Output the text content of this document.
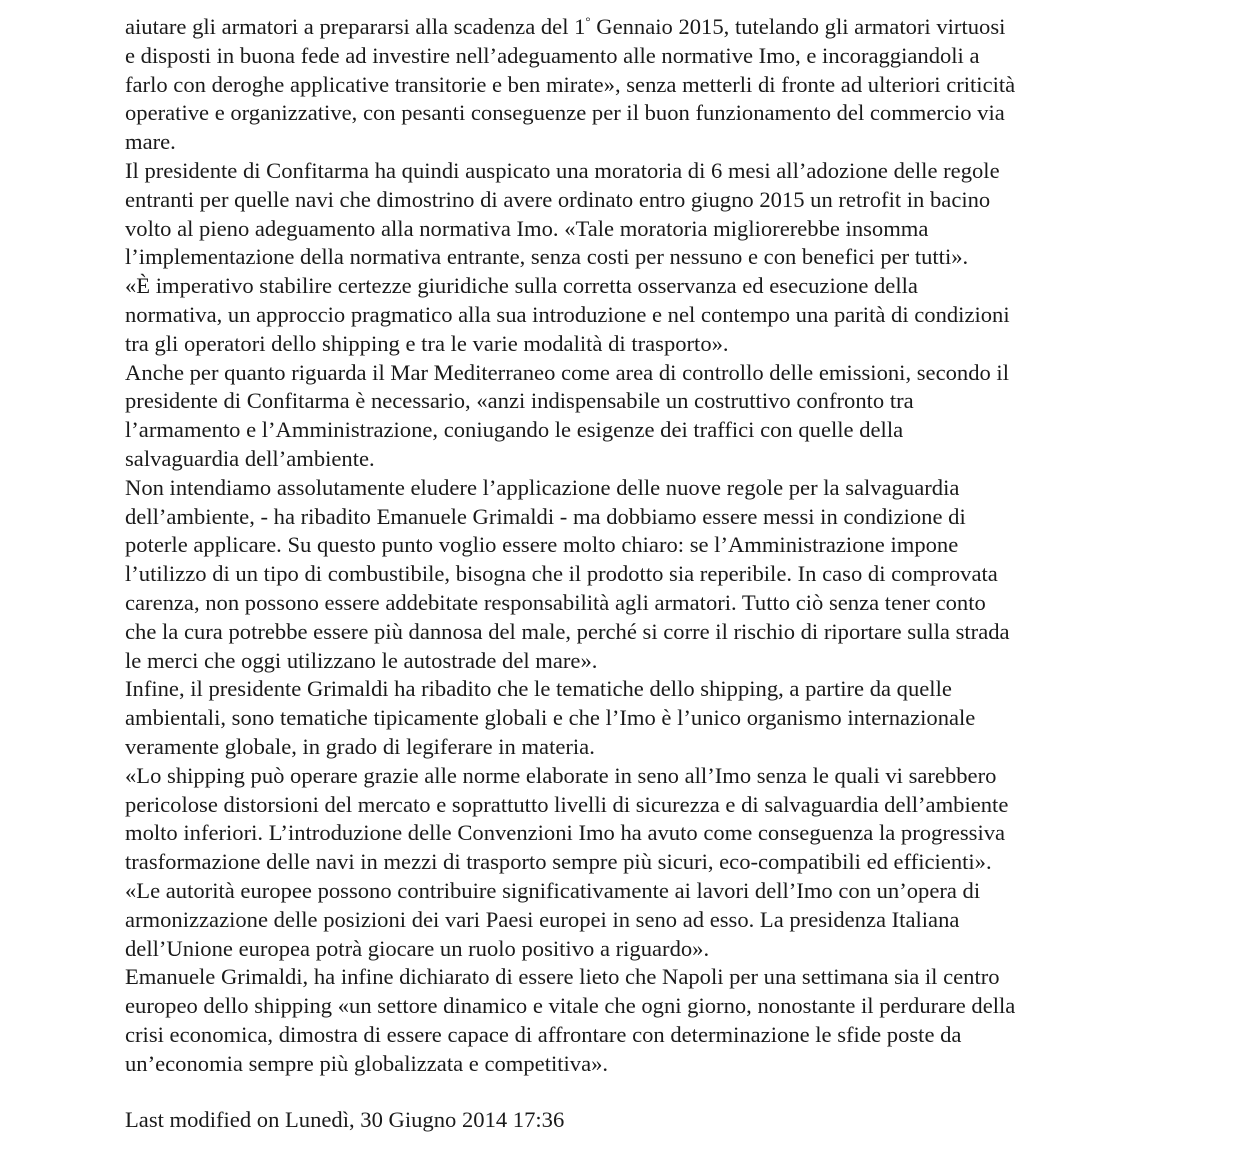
aiutare gli armatori a prepararsi alla scadenza del 1° Gennaio 2015, tutelando gli armatori virtuosi
e disposti in buona fede ad investire nell’adeguamento alle normative Imo, e incoraggiandoli a
farlo con deroghe applicative transitorie e ben mirate», senza metterli di fronte ad ulteriori criticità
operative e organizzative, con pesanti conseguenze per il buon funzionamento del commercio via
mare.
Il presidente di Confitarma ha quindi auspicato una moratoria di 6 mesi all’adozione delle regole
entranti per quelle navi che dimostrino di avere ordinato entro giugno 2015 un retrofit in bacino
volto al pieno adeguamento alla normativa Imo. «Tale moratoria migliorerebbe insomma
l’implementazione della normativa entrante, senza costi per nessuno e con benefici per tutti».
«È imperativo stabilire certezze giuridiche sulla corretta osservanza ed esecuzione della
normativa, un approccio pragmatico alla sua introduzione e nel contempo una parità di condizioni
tra gli operatori dello shipping e tra le varie modalità di trasporto».
Anche per quanto riguarda il Mar Mediterraneo come area di controllo delle emissioni, secondo il
presidente di Confitarma è necessario, «anzi indispensabile un costruttivo confronto tra
l’armamento e l’Amministrazione, coniugando le esigenze dei traffici con quelle della
salvaguardia dell’ambiente.
Non intendiamo assolutamente eludere l’applicazione delle nuove regole per la salvaguardia
dell’ambiente, - ha ribadito Emanuele Grimaldi - ma dobbiamo essere messi in condizione di
poterle applicare. Su questo punto voglio essere molto chiaro: se l’Amministrazione impone
l’utilizzo di un tipo di combustibile, bisogna che il prodotto sia reperibile. In caso di comprovata
carenza, non possono essere addebitate responsabilità agli armatori. Tutto ciò senza tener conto
che la cura potrebbe essere più dannosa del male, perché si corre il rischio di riportare sulla strada
le merci che oggi utilizzano le autostrade del mare».
Infine, il presidente Grimaldi ha ribadito che le tematiche dello shipping, a partire da quelle
ambientali, sono tematiche tipicamente globali e che l’Imo è l’unico organismo internazionale
veramente globale, in grado di legiferare in materia.
«Lo shipping può operare grazie alle norme elaborate in seno all’Imo senza le quali vi sarebbero
pericolose distorsioni del mercato e soprattutto livelli di sicurezza e di salvaguardia dell’ambiente
molto inferiori. L’introduzione delle Convenzioni Imo ha avuto come conseguenza la progressiva
trasformazione delle navi in mezzi di trasporto sempre più sicuri, eco-compatibili ed efficienti».
«Le autorità europee possono contribuire significativamente ai lavori dell’Imo con un’opera di
armonizzazione delle posizioni dei vari Paesi europei in seno ad esso. La presidenza Italiana
dell’Unione europea potrà giocare un ruolo positivo a riguardo».
Emanuele Grimaldi, ha infine dichiarato di essere lieto che Napoli per una settimana sia il centro
europeo dello shipping «un settore dinamico e vitale che ogni giorno, nonostante il perdurare della
crisi economica, dimostra di essere capace di affrontare con determinazione le sfide poste da
un’economia sempre più globalizzata e competitiva».
Last modified on Lunedì, 30 Giugno 2014 17:36
